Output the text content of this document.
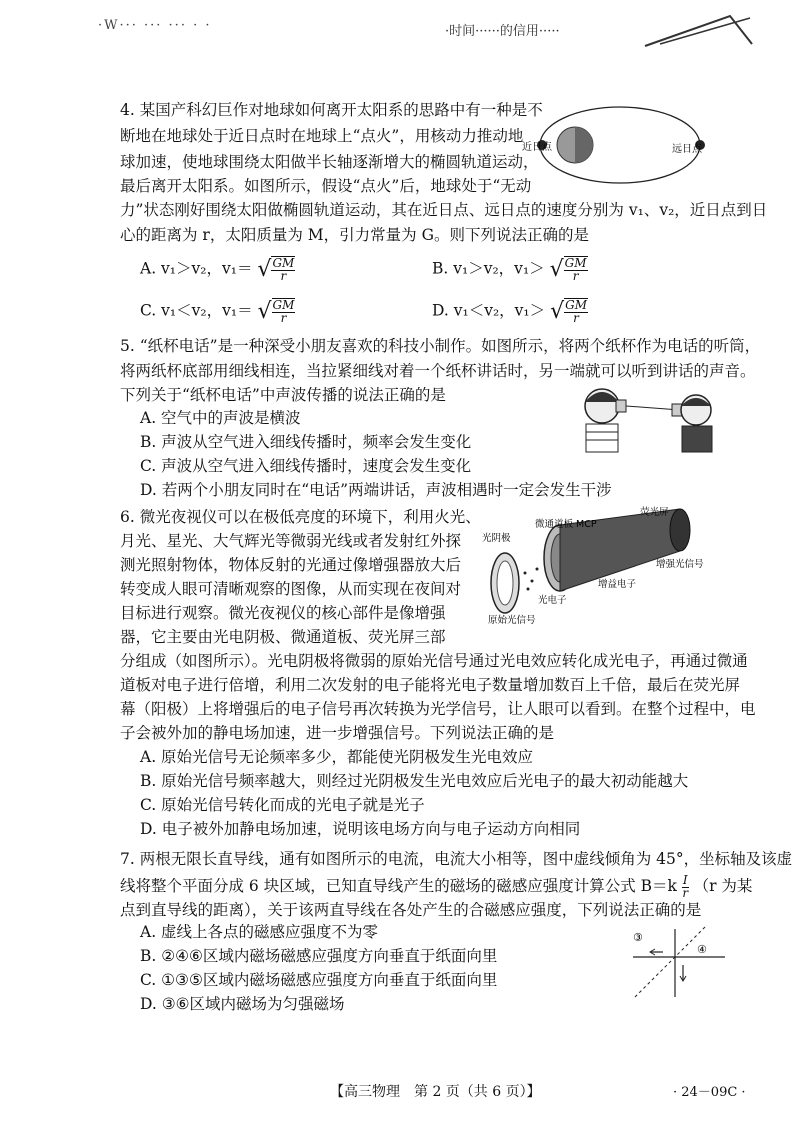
·W··· ··· ··· · ·	·时间······的信用·····
4. 某国产科幻巨作对地球如何离开太阳系的思路中有一种是不
断地在地球处于近日点时在地球上“点火”，用核动力推动地
球加速，使地球围绕太阳做半长轴逐渐增大的椭圆轨道运动，
最后离开太阳系。如图所示，假设“点火”后，地球处于“无动
力”状态刚好围绕太阳做椭圆轨道运动，其在近日点、远日点的速度分别为 v₁、v₂，近日点到日
心的距离为 r，太阳质量为 M，引力常量为 G。则下列说法正确的是
近日点	远日点
A. v₁＞v₂，$v_1= √\frac{GM}{r}$	B. v₁＞v₂，$v_1> √\frac{GM}{r}$
C. v₁＜v₂，$v_1= √\frac{GM}{r}$	D. v₁＜v₂，$v_1> √\frac{GM}{r}$
5. “纸杯电话”是一种深受小朋友喜欢的科技小制作。如图所示，将两个纸杯作为电话的听筒，
将两纸杯底部用细线相连，当拉紧细线对着一个纸杯讲话时，另一端就可以听到讲话的声音。
下列关于“纸杯电话”中声波传播的说法正确的是
A. 空气中的声波是横波
B. 声波从空气进入细线传播时，频率会发生变化
C. 声波从空气进入细线传播时，速度会发生变化
D. 若两个小朋友同时在“电话”两端讲话，声波相遇时一定会发生干涉
6. 微光夜视仪可以在极低亮度的环境下，利用火光、
月光、星光、大气辉光等微弱光线或者发射红外探
测光照射物体，物体反射的光通过像增强器放大后
转变成人眼可清晰观察的图像，从而实现在夜间对
目标进行观察。微光夜视仪的核心部件是像增强
器，它主要由光电阴极、微通道板、荧光屏三部
分组成（如图所示）。光电阴极将微弱的原始光信号通过光电效应转化成光电子，再通过微通
道板对电子进行倍增，利用二次发射的电子能将光电子数量增加数百上千倍，最后在荧光屏
幕（阳极）上将增强后的电子信号再次转换为光学信号，让人眼可以看到。在整个过程中，电
子会被外加的静电场加速，进一步增强信号。下列说法正确的是
A. 原始光信号无论频率多少，都能使光阴极发生光电效应
B. 原始光信号频率越大，则经过光阴极发生光电效应后光电子的最大初动能越大
C. 原始光信号转化而成的光电子就是光子
D. 电子被外加静电场加速，说明该电场方向与电子运动方向相同
微通道板 MCP
荧光屏
光阴极
增强光信号
增益电子
光电子
原始光信号
7. 两根无限长直导线，通有如图所示的电流，电流大小相等，图中虚线倾角为 45°，坐标轴及该虚
线将整个平面分成 6 块区域，已知直导线产生的磁场的磁感应强度计算公式 $B=k \frac{I}{r} (r$ 为某
点到直导线的距离），关于该两直导线在各处产生的合磁感应强度，下列说法正确的是
A. 虚线上各点的磁感应强度不为零
B. ②④⑥区域内磁场磁感应强度方向垂直于纸面向里
C. ①③⑤区域内磁场磁感应强度方向垂直于纸面向里
D. ③⑥区域内磁场为匀强磁场
③
④
【高三物理　第 2 页（共 6 页）】	· 24－09C ·
